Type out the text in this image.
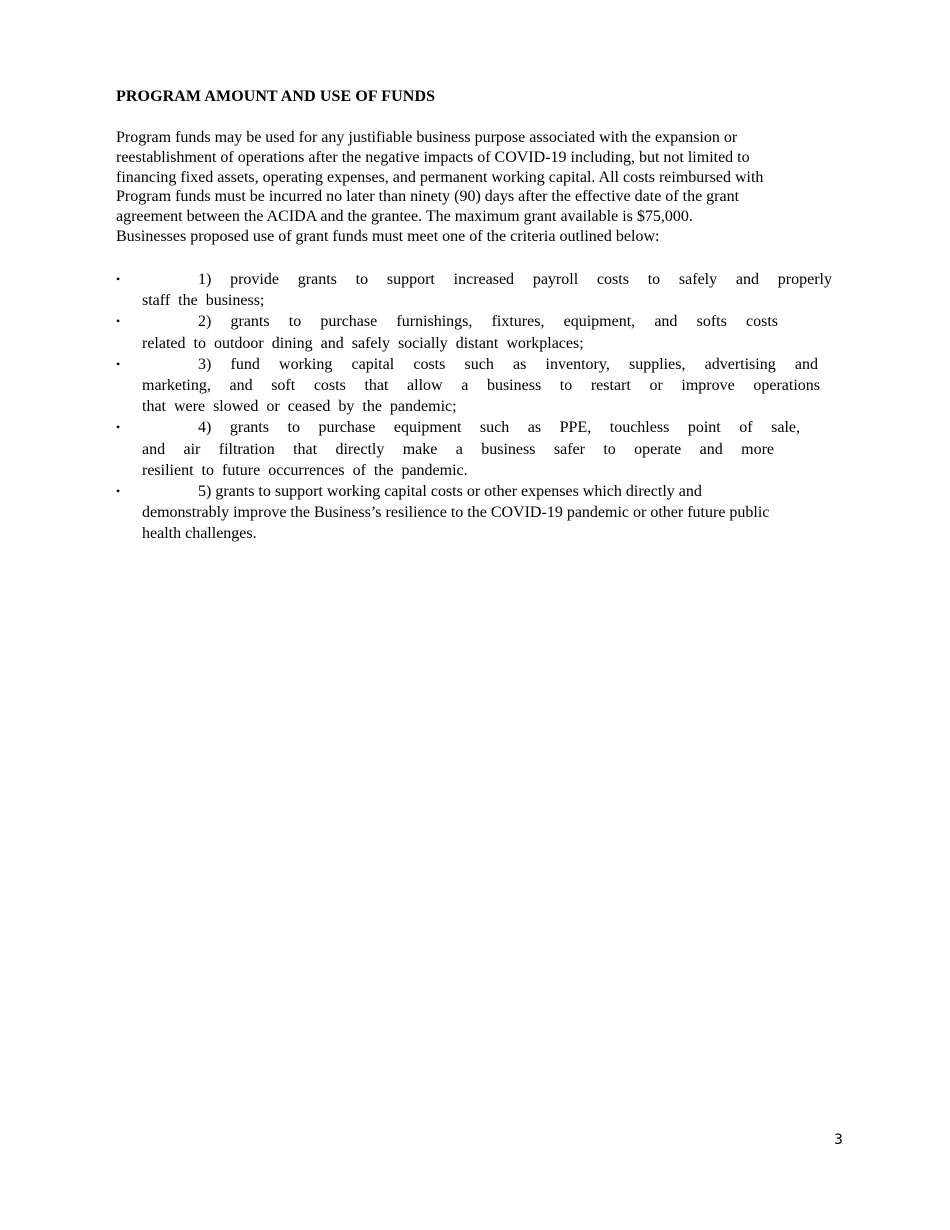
PROGRAM AMOUNT AND USE OF FUNDS
Program funds may be used for any justifiable business purpose associated with the expansion or
reestablishment of operations after the negative impacts of COVID-19 including, but not limited to
financing fixed assets, operating expenses, and permanent working capital. All costs reimbursed with
Program funds must be incurred no later than ninety (90) days after the effective date of the grant
agreement between the ACIDA and the grantee. The maximum grant available is $75,000.
Businesses proposed use of grant funds must meet one of the criteria outlined below:
•	1) provide grants to support increased payroll costs to safely and properly
staff the business;
•	2) grants to purchase furnishings, fixtures, equipment, and softs costs
related to outdoor dining and safely socially distant workplaces;
•	3) fund working capital costs such as inventory, supplies, advertising and
marketing, and soft costs that allow a business to restart or improve operations
that were slowed or ceased by the pandemic;
•	4) grants to purchase equipment such as PPE, touchless point of sale,
and air filtration that directly make a business safer to operate and more
resilient to future occurrences of the pandemic.
•	5) grants to support working capital costs or other expenses which directly and
demonstrably improve the Business’s resilience to the COVID-19 pandemic or other future public
health challenges.
3
